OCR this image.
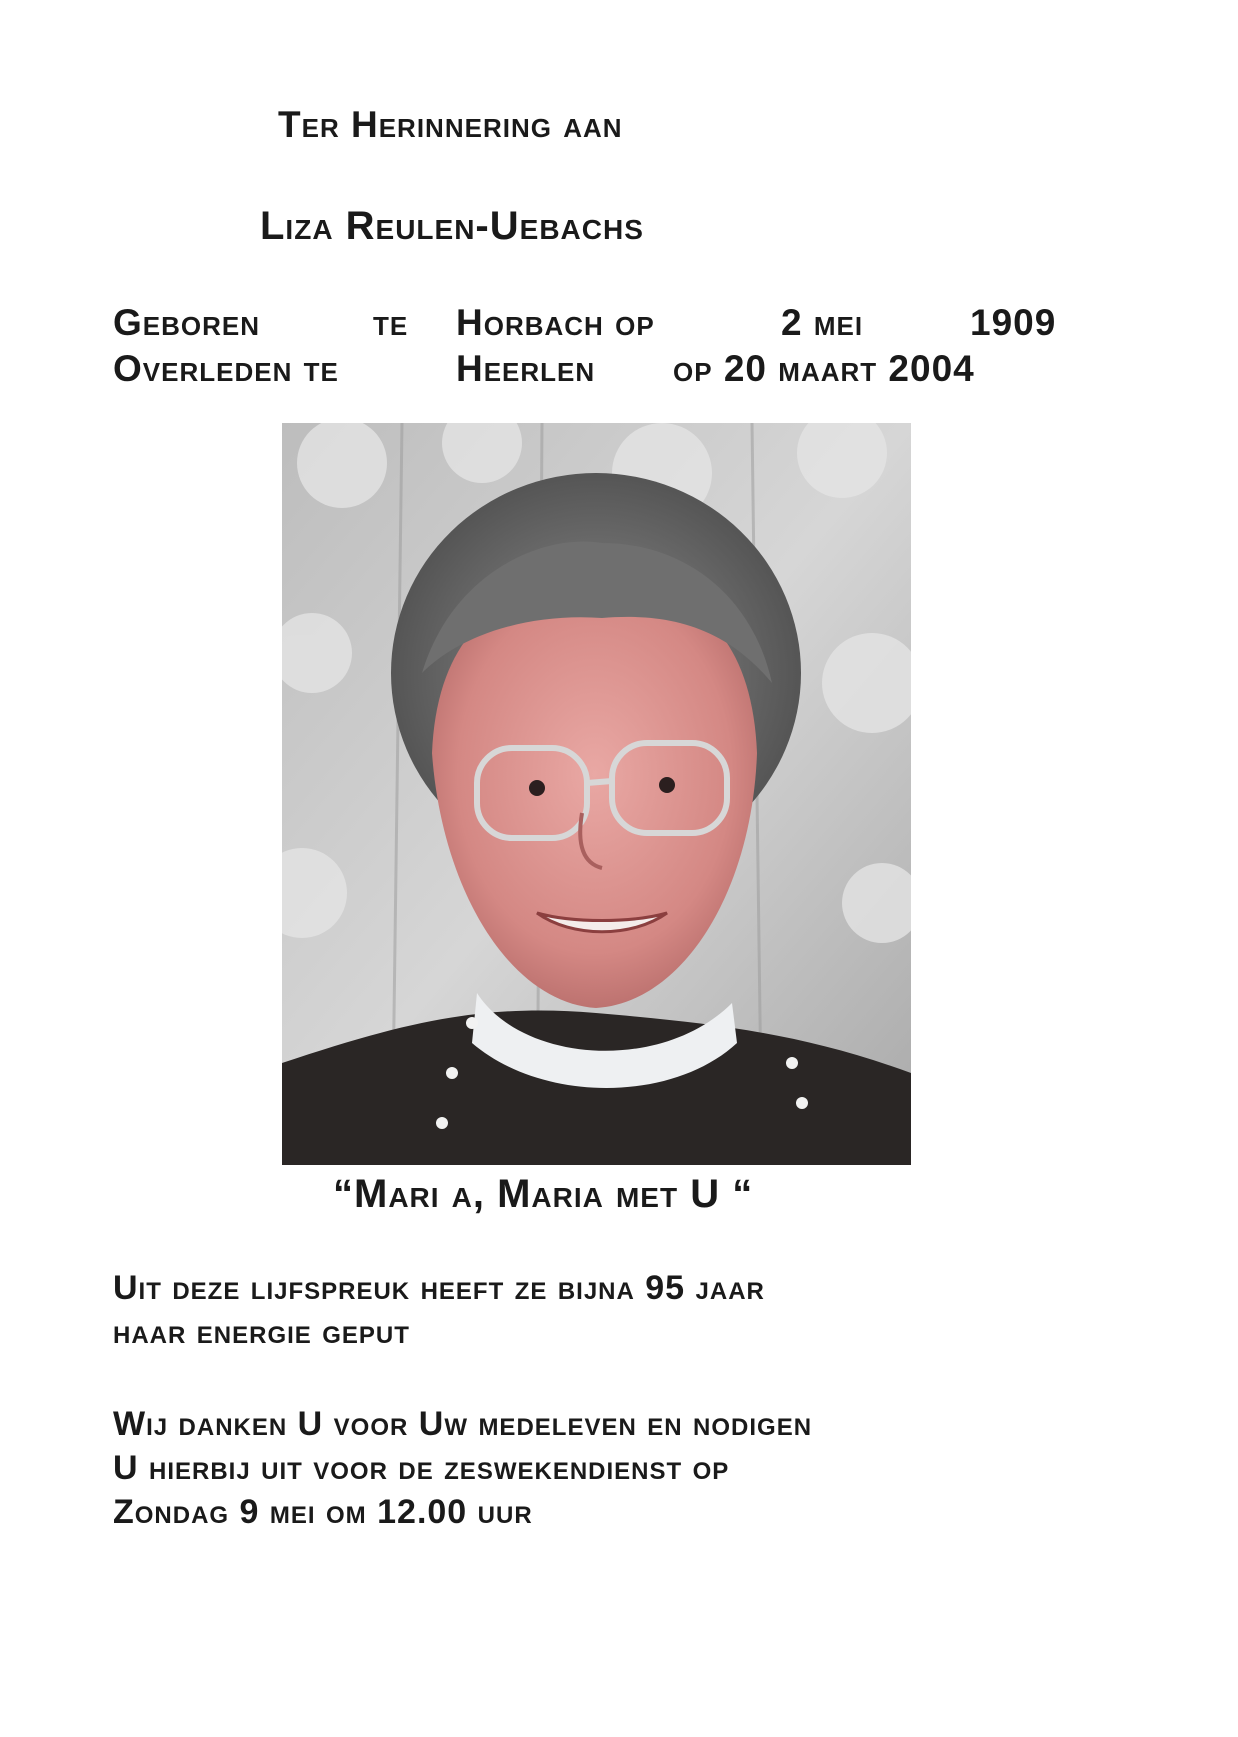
Ter Herinnering aan

Liza Reulen-Uebachs

Geboren	te Horbach op	2 mei	1909
Overleden te	Heerlen op 20 maart 2004

“Mari a, Maria met U “

Uit deze lijfspreuk heeft ze bijna 95 jaar
haar energie geput
Wij danken U voor Uw medeleven en nodigen
U hierbij uit voor de zeswekendienst op
Zondag 9 mei om 12.00 uur
